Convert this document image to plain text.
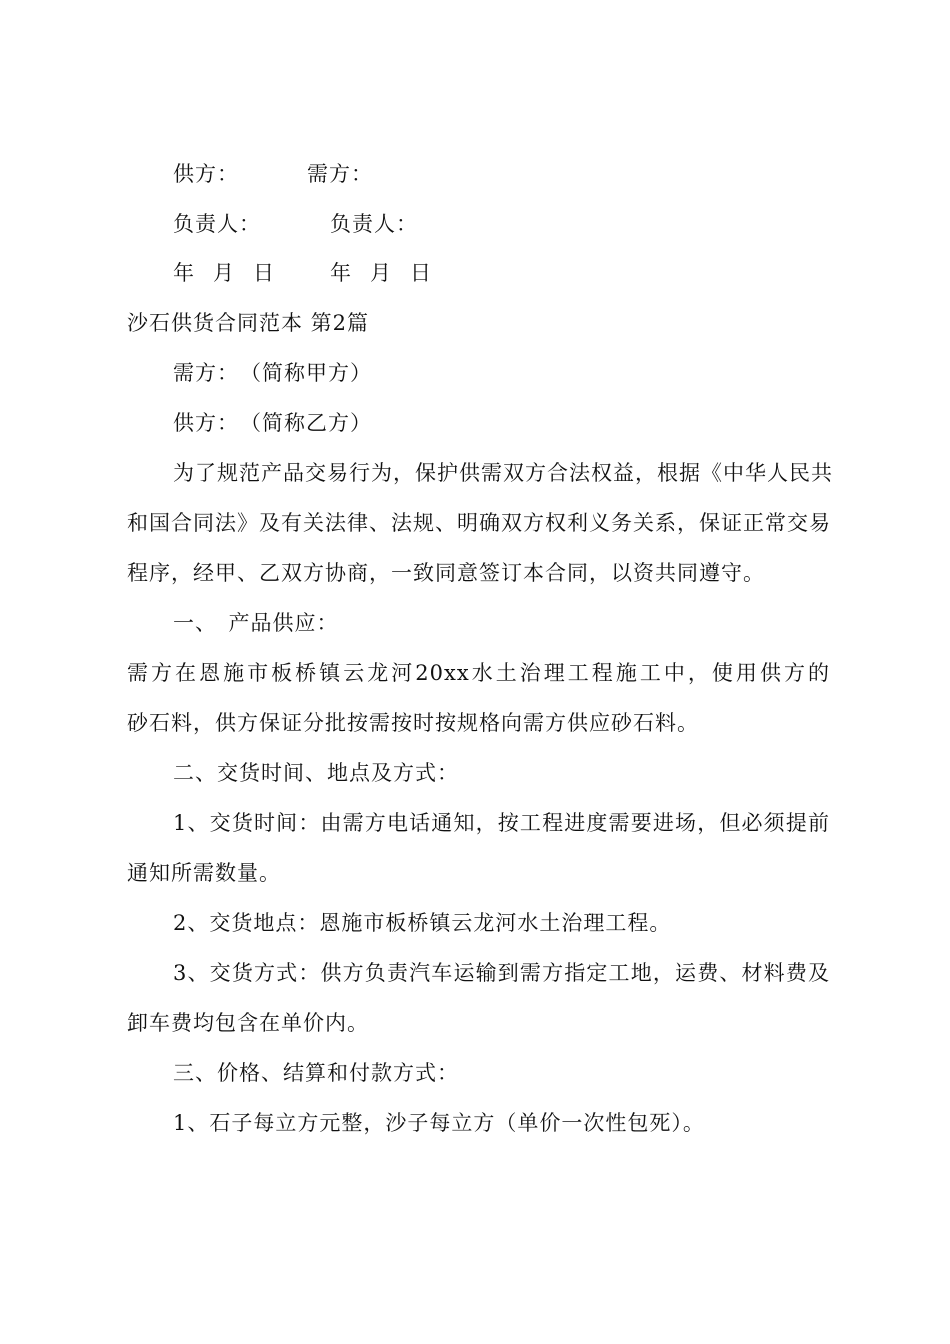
供方：	需方：
负责人：	负责人：
年 月 日	年 月 日
沙石供货合同范本 第2篇
需方：　（简称甲方）
供方：　（简称乙方）
为了规范产品交易行为，保护供需双方合法权益，根据《中华人民共
和国合同法》及有关法律、法规、明确双方权利义务关系，保证正常交易
程序，经甲、乙双方协商，一致同意签订本合同，以资共同遵守。
一、　产品供应：
需方在恩施市板桥镇云龙河20xx水土治理工程施工中，使用供方的
砂石料，供方保证分批按需按时按规格向需方供应砂石料。
二、交货时间、地点及方式：
1、交货时间：由需方电话通知，按工程进度需要进场，但必须提前
通知所需数量。
2、交货地点：恩施市板桥镇云龙河水土治理工程。
3、交货方式：供方负责汽车运输到需方指定工地，运费、材料费及
卸车费均包含在单价内。
三、价格、结算和付款方式：
1、石子每立方元整，沙子每立方（单价一次性包死）。
